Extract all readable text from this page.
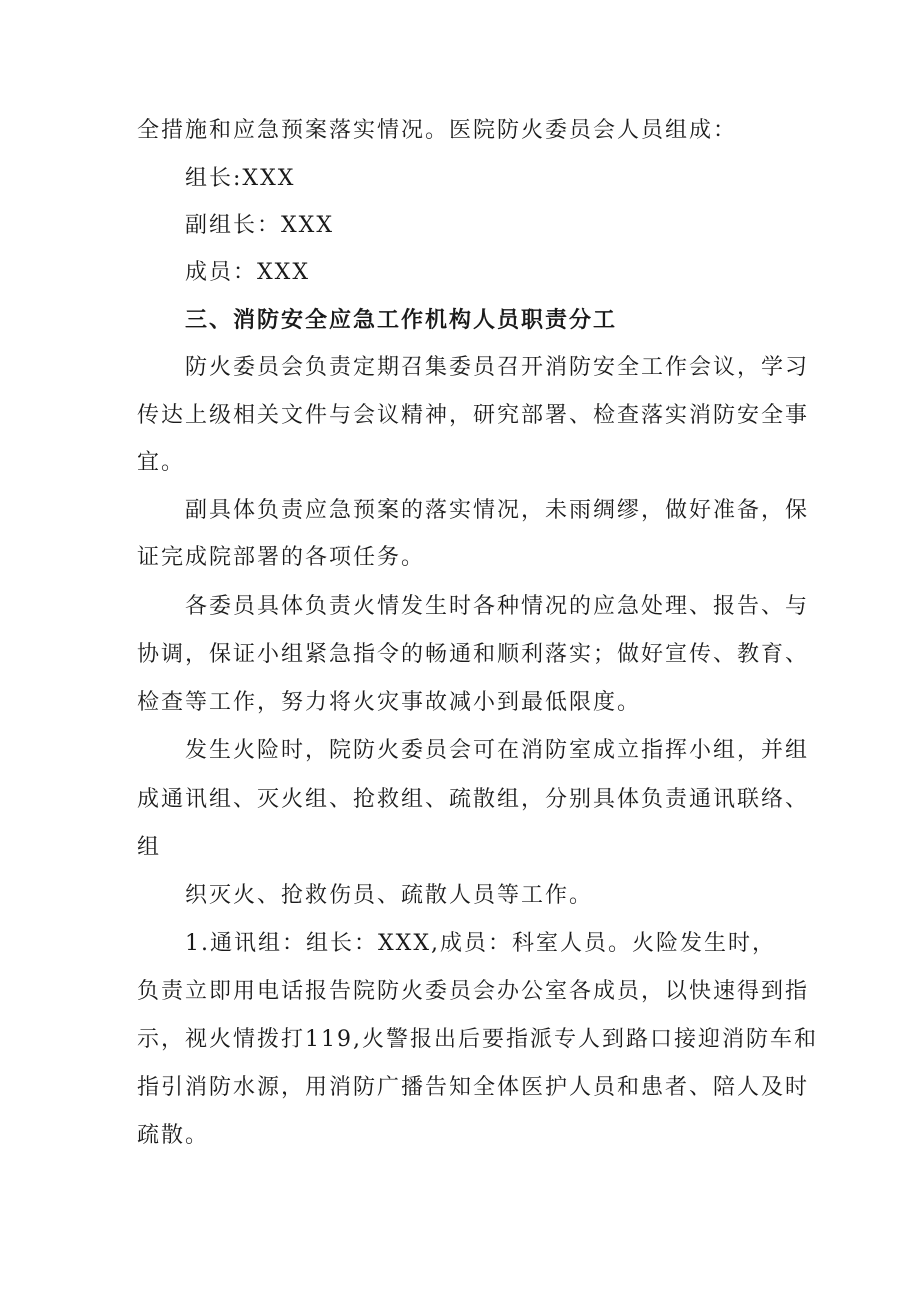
全措施和应急预案落实情况。医院防火委员会人员组成：
组长:XXX
副组长：XXX
成员：XXX
三、消防安全应急工作机构人员职责分工
防火委员会负责定期召集委员召开消防安全工作会议，学习
传达上级相关文件与会议精神，研究部署、检查落实消防安全事
宜。
副具体负责应急预案的落实情况，未雨绸缪，做好准备，保
证完成院部署的各项任务。
各委员具体负责火情发生时各种情况的应急处理、报告、与
协调，保证小组紧急指令的畅通和顺利落实；做好宣传、教育、
检查等工作，努力将火灾事故减小到最低限度。
发生火险时，院防火委员会可在消防室成立指挥小组，并组
成通讯组、灭火组、抢救组、疏散组，分别具体负责通讯联络、
组
织灭火、抢救伤员、疏散人员等工作。
1.通讯组：组长：XXX,成员：科室人员。火险发生时，
负责立即用电话报告院防火委员会办公室各成员，以快速得到指
示，视火情拨打119,火警报出后要指派专人到路口接迎消防车和
指引消防水源，用消防广播告知全体医护人员和患者、陪人及时
疏散。
